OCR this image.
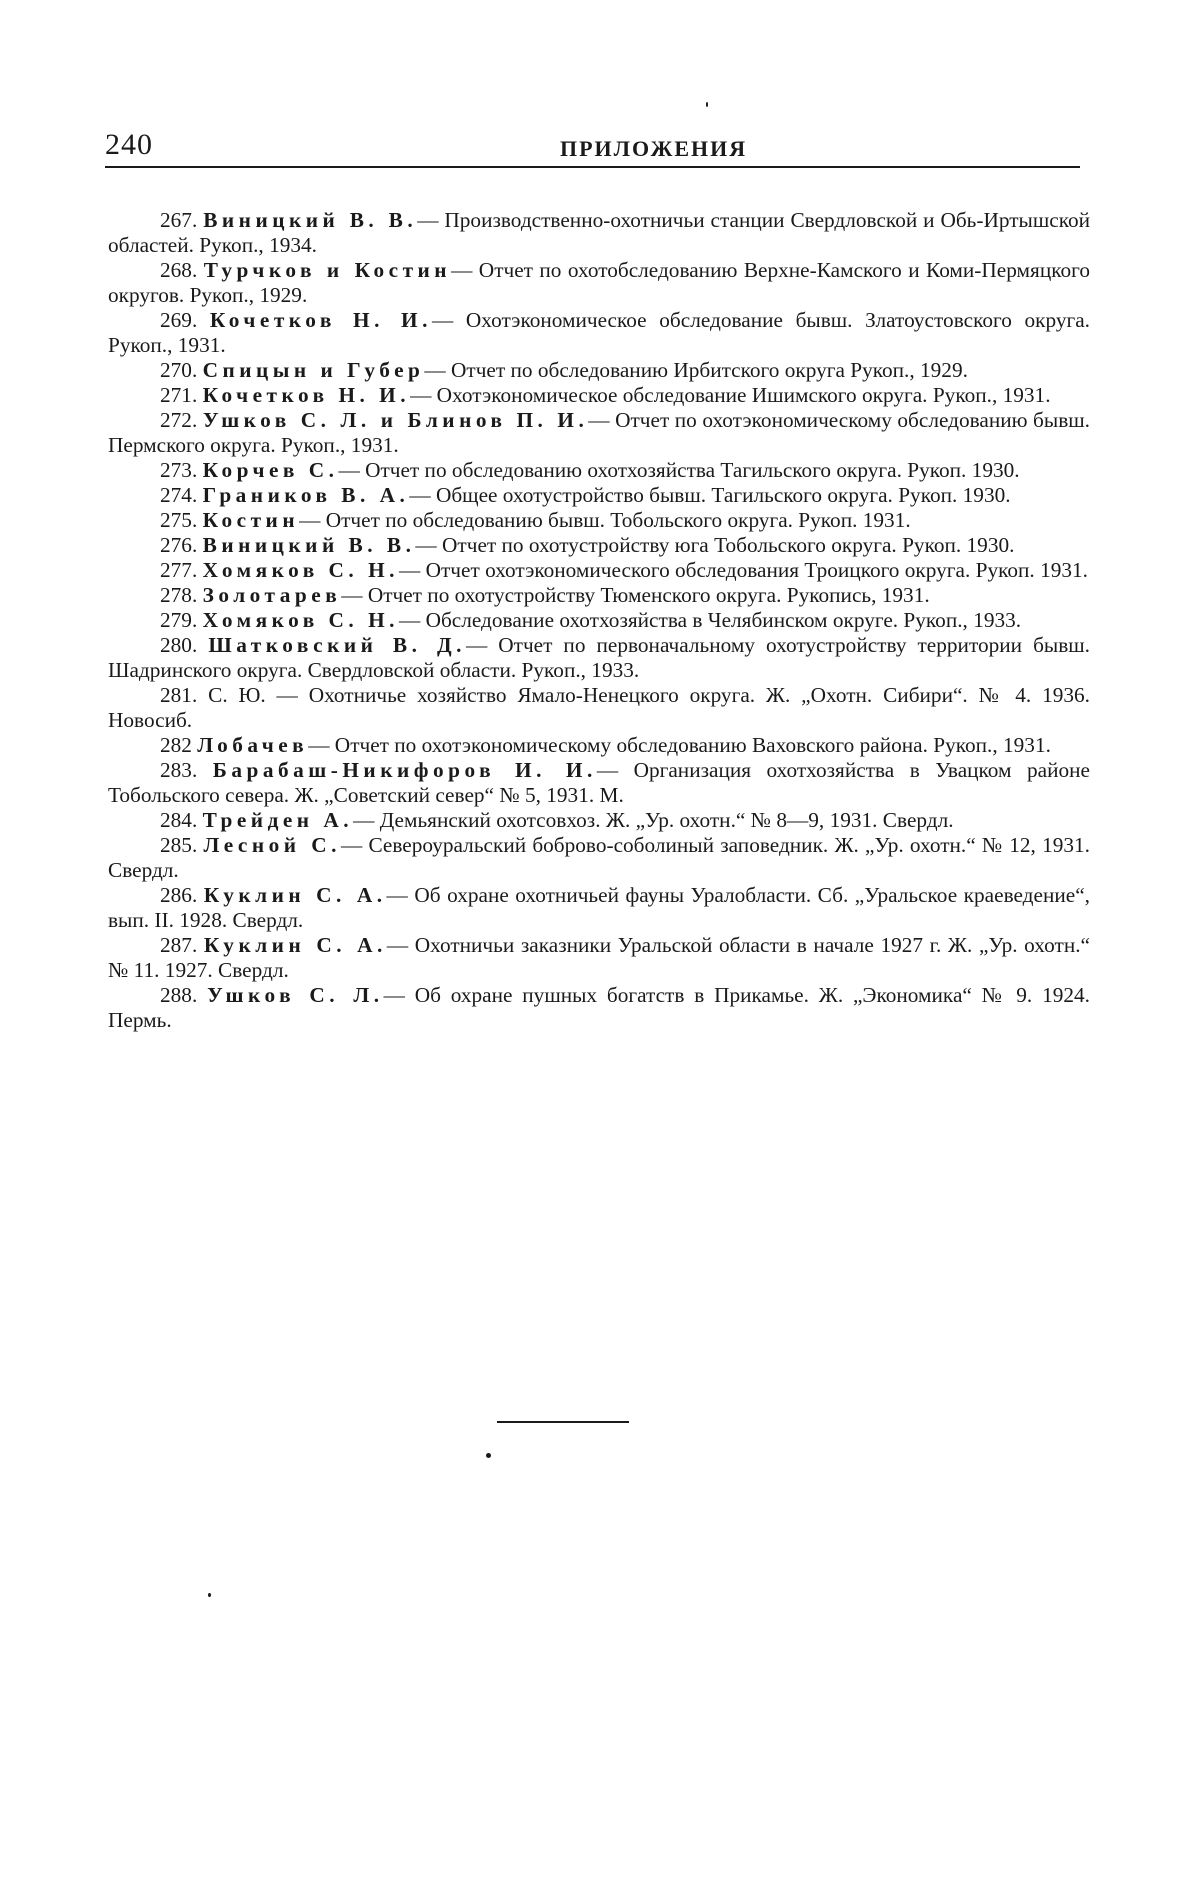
240	ПРИЛОЖЕНИЯ

267. Виницкий В. В.— Производственно-охотничьи станции Свердловской и Обь-Иртышской областей. Рукоп., 1934.

268. Турчков и Костин— Отчет по охотобследованию Верхне-Камского и Коми-Пермяцкого округов. Рукоп., 1929.

269. Кочетков Н. И.— Охотэкономическое обследование бывш. Златоустовского округа. Рукоп., 1931.

270. Спицын и Губер— Отчет по обследованию Ирбитского округа Рукоп., 1929.

271. Кочетков Н. И.— Охотэкономическое обследование Ишимского округа. Рукоп., 1931.

272. Ушков С. Л. и Блинов П. И.— Отчет по охотэкономическому обследованию бывш. Пермского округа. Рукоп., 1931.

273. Корчев С.— Отчет по обследованию охотхозяйства Тагильского округа. Рукоп. 1930.

274. Граников В. А.— Общее охотустройство бывш. Тагильского округа. Рукоп. 1930.

275. Костин— Отчет по обследованию бывш. Тобольского округа. Рукоп. 1931.

276. Виницкий В. В.— Отчет по охотустройству юга Тобольского округа. Рукоп. 1930.

277. Хомяков С. Н.— Отчет охотэкономического обследования Троицкого округа. Рукоп. 1931.

278. Золотарев— Отчет по охотустройству Тюменского округа. Рукопись, 1931.

279. Хомяков С. Н.— Обследование охотхозяйства в Челябинском округе. Рукоп., 1933.

280. Шатковский В. Д.— Отчет по первоначальному охотустройству территории бывш. Шадринского округа. Свердловской области. Рукоп., 1933.

281. С. Ю. — Охотничье хозяйство Ямало-Ненецкого округа. Ж. „Охотн. Сибири“. № 4. 1936. Новосиб.

282 Лобачев— Отчет по охотэкономическому обследованию Ваховского района. Рукоп., 1931.

283. Барабаш-Никифоров И. И.— Организация охотхозяйства в Увацком районе Тобольского севера. Ж. „Советский север“ № 5, 1931. М.

284. Трейден А.— Демьянский охотсовхоз. Ж. „Ур. охотн.“ № 8—9, 1931. Свердл.

285. Лесной С.— Североуральский боброво-соболиный заповедник. Ж. „Ур. охотн.“ № 12, 1931. Свердл.

286. Куклин С. А.— Об охране охотничьей фауны Уралобласти. Сб. „Уральское краеведение“, вып. II. 1928. Свердл.

287. Куклин С. А.— Охотничьи заказники Уральской области в начале 1927 г. Ж. „Ур. охотн.“ № 11. 1927. Свердл.

288. Ушков С. Л.— Об охране пушных богатств в Прикамье. Ж. „Экономика“ № 9. 1924. Пермь.
